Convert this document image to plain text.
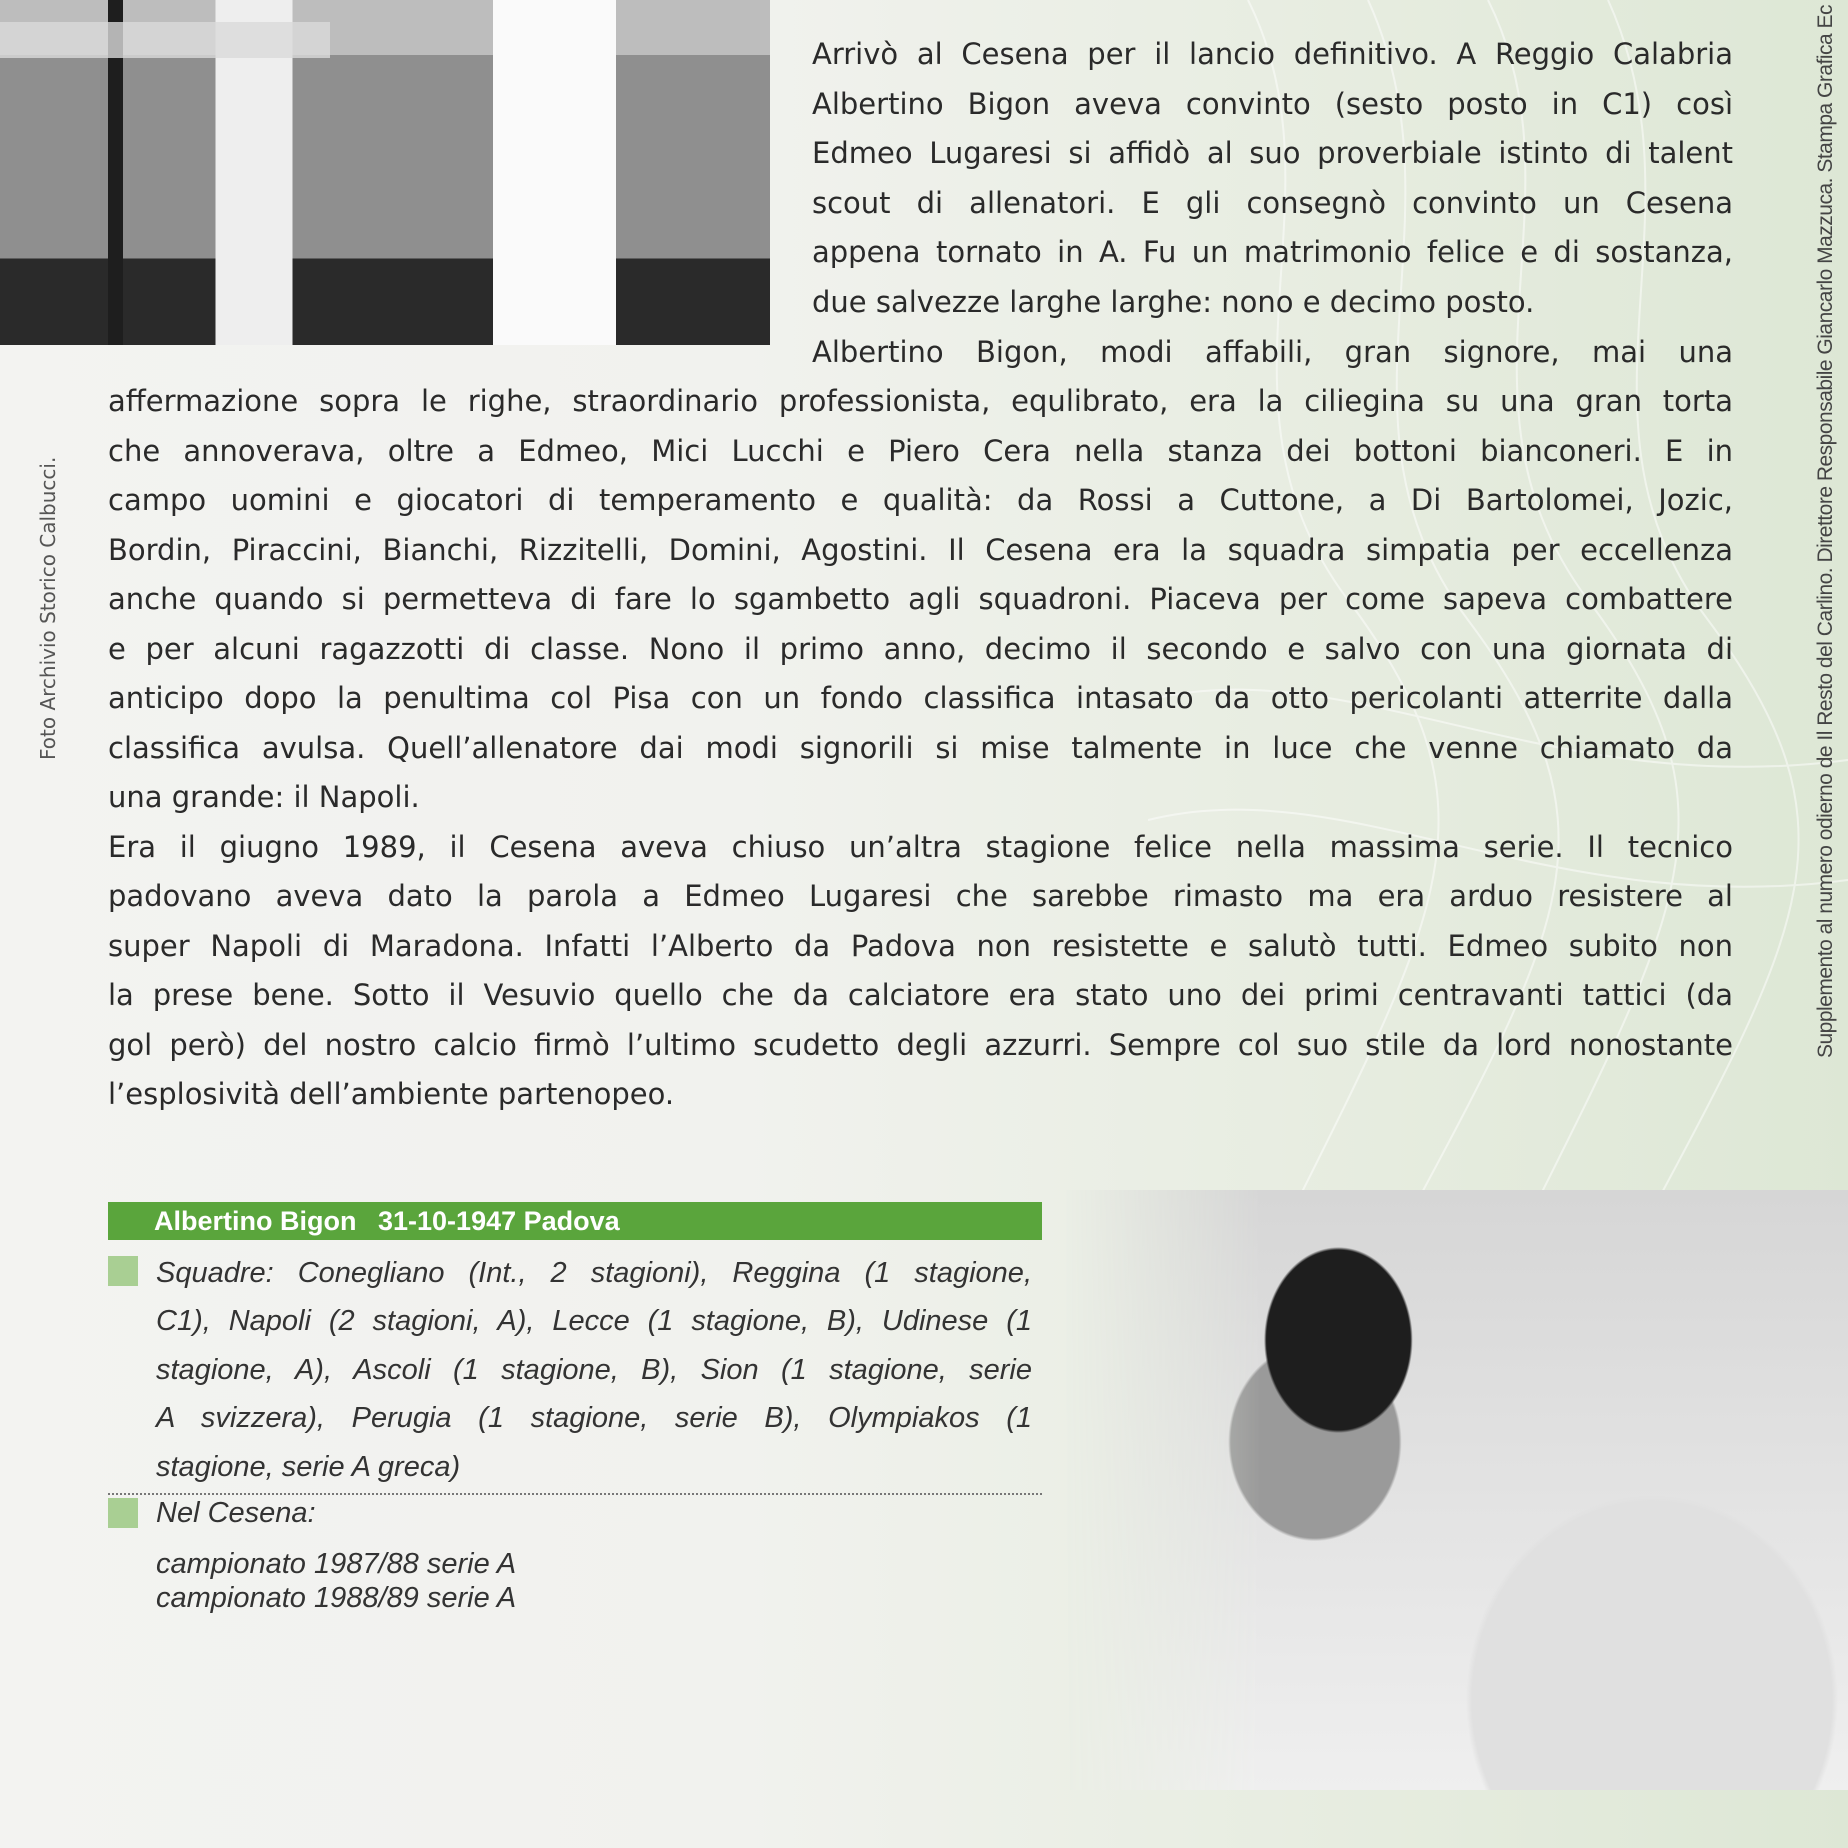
Foto Archivio Storico Calbucci.	Supplemento al numero odierno de Il Resto del Carlino. Direttore Responsabile Giancarlo Mazzuca. Stampa Grafica Ec
Arrivò al Cesena per il lancio definitivo. A Reggio Calabria
Albertino Bigon aveva convinto (sesto posto in C1) così
Edmeo Lugaresi si affidò al suo proverbiale istinto di talent
scout di allenatori. E gli consegnò convinto un Cesena
appena tornato in A. Fu un matrimonio felice e di sostanza,
due salvezze larghe larghe: nono e decimo posto.
Albertino Bigon, modi affabili, gran signore, mai una
affermazione sopra le righe, straordinario professionista, equlibrato, era la ciliegina su una gran torta
che annoverava, oltre a Edmeo, Mici Lucchi e Piero Cera nella stanza dei bottoni bianconeri. E in
campo uomini e giocatori di temperamento e qualità: da Rossi a Cuttone, a Di Bartolomei, Jozic,
Bordin, Piraccini, Bianchi, Rizzitelli, Domini, Agostini. Il Cesena era la squadra simpatia per eccellenza
anche quando si permetteva di fare lo sgambetto agli squadroni. Piaceva per come sapeva combattere
e per alcuni ragazzotti di classe. Nono il primo anno, decimo il secondo e salvo con una giornata di
anticipo dopo la penultima col Pisa con un fondo classifica intasato da otto pericolanti atterrite dalla
classifica avulsa. Quell’allenatore dai modi signorili si mise talmente in luce che venne chiamato da
una grande: il Napoli.
Era il giugno 1989, il Cesena aveva chiuso un’altra stagione felice nella massima serie. Il tecnico
padovano aveva dato la parola a Edmeo Lugaresi che sarebbe rimasto ma era arduo resistere al
super Napoli di Maradona. Infatti l’Alberto da Padova non resistette e salutò tutti. Edmeo subito non
la prese bene. Sotto il Vesuvio quello che da calciatore era stato uno dei primi centravanti tattici (da
gol però) del nostro calcio firmò l’ultimo scudetto degli azzurri. Sempre col suo stile da lord nonostante
l’esplosività dell’ambiente partenopeo.
Albertino Bigon 31-10-1947 Padova
Squadre: Conegliano (Int., 2 stagioni), Reggina (1 stagione,
C1), Napoli (2 stagioni, A), Lecce (1 stagione, B), Udinese (1
stagione, A), Ascoli (1 stagione, B), Sion (1 stagione, serie
A svizzera), Perugia (1 stagione, serie B), Olympiakos (1
stagione, serie A greca)
Nel Cesena:
campionato 1987/88 serie A
campionato 1988/89 serie A
